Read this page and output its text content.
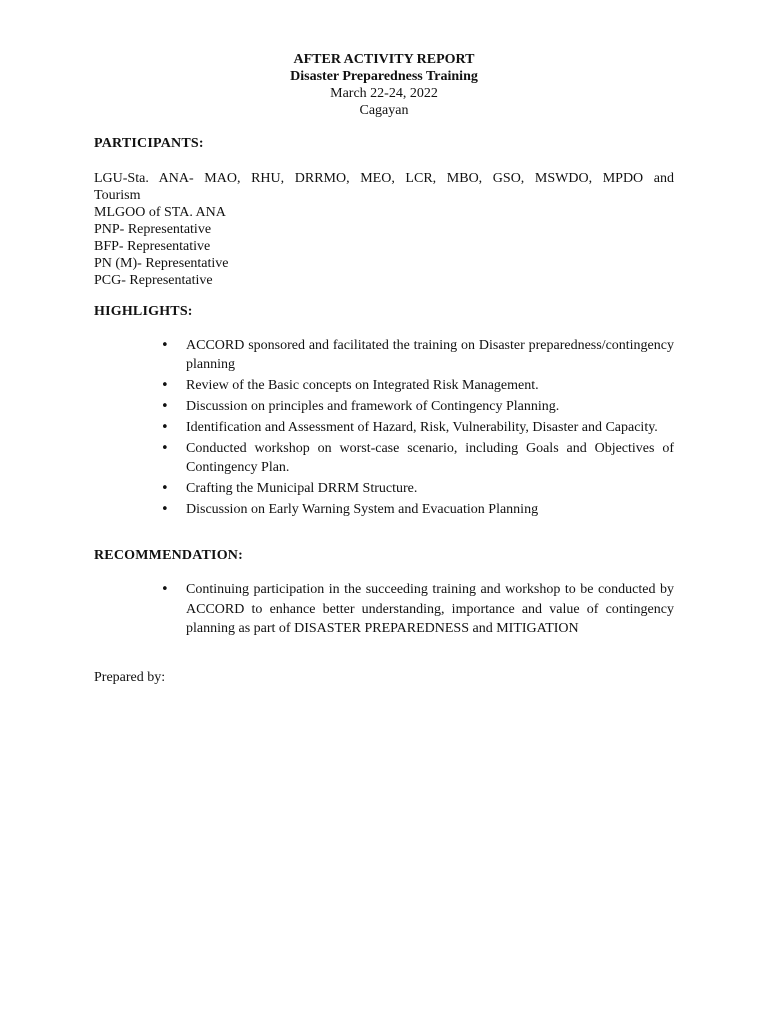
AFTER ACTIVITY REPORT
Disaster Preparedness Training
March 22-24, 2022
Cagayan
PARTICIPANTS:
LGU-Sta. ANA- MAO, RHU, DRRMO, MEO, LCR, MBO, GSO, MSWDO, MPDO and
Tourism
MLGOO of STA. ANA
PNP- Representative
BFP- Representative
PN (M)- Representative
PCG- Representative
HIGHLIGHTS:
• ACCORD sponsored and facilitated the training on Disaster preparedness/contingency planning
• Review of the Basic concepts on Integrated Risk Management.
• Discussion on principles and framework of Contingency Planning.
• Identification and Assessment of Hazard, Risk, Vulnerability, Disaster and Capacity.
• Conducted workshop on worst-case scenario, including Goals and Objectives of Contingency Plan.
• Crafting the Municipal DRRM Structure.
• Discussion on Early Warning System and Evacuation Planning
RECOMMENDATION:
• Continuing participation in the succeeding training and workshop to be conducted by ACCORD to enhance better understanding, importance and value of contingency planning as part of DISASTER PREPAREDNESS and MITIGATION
Prepared by:
